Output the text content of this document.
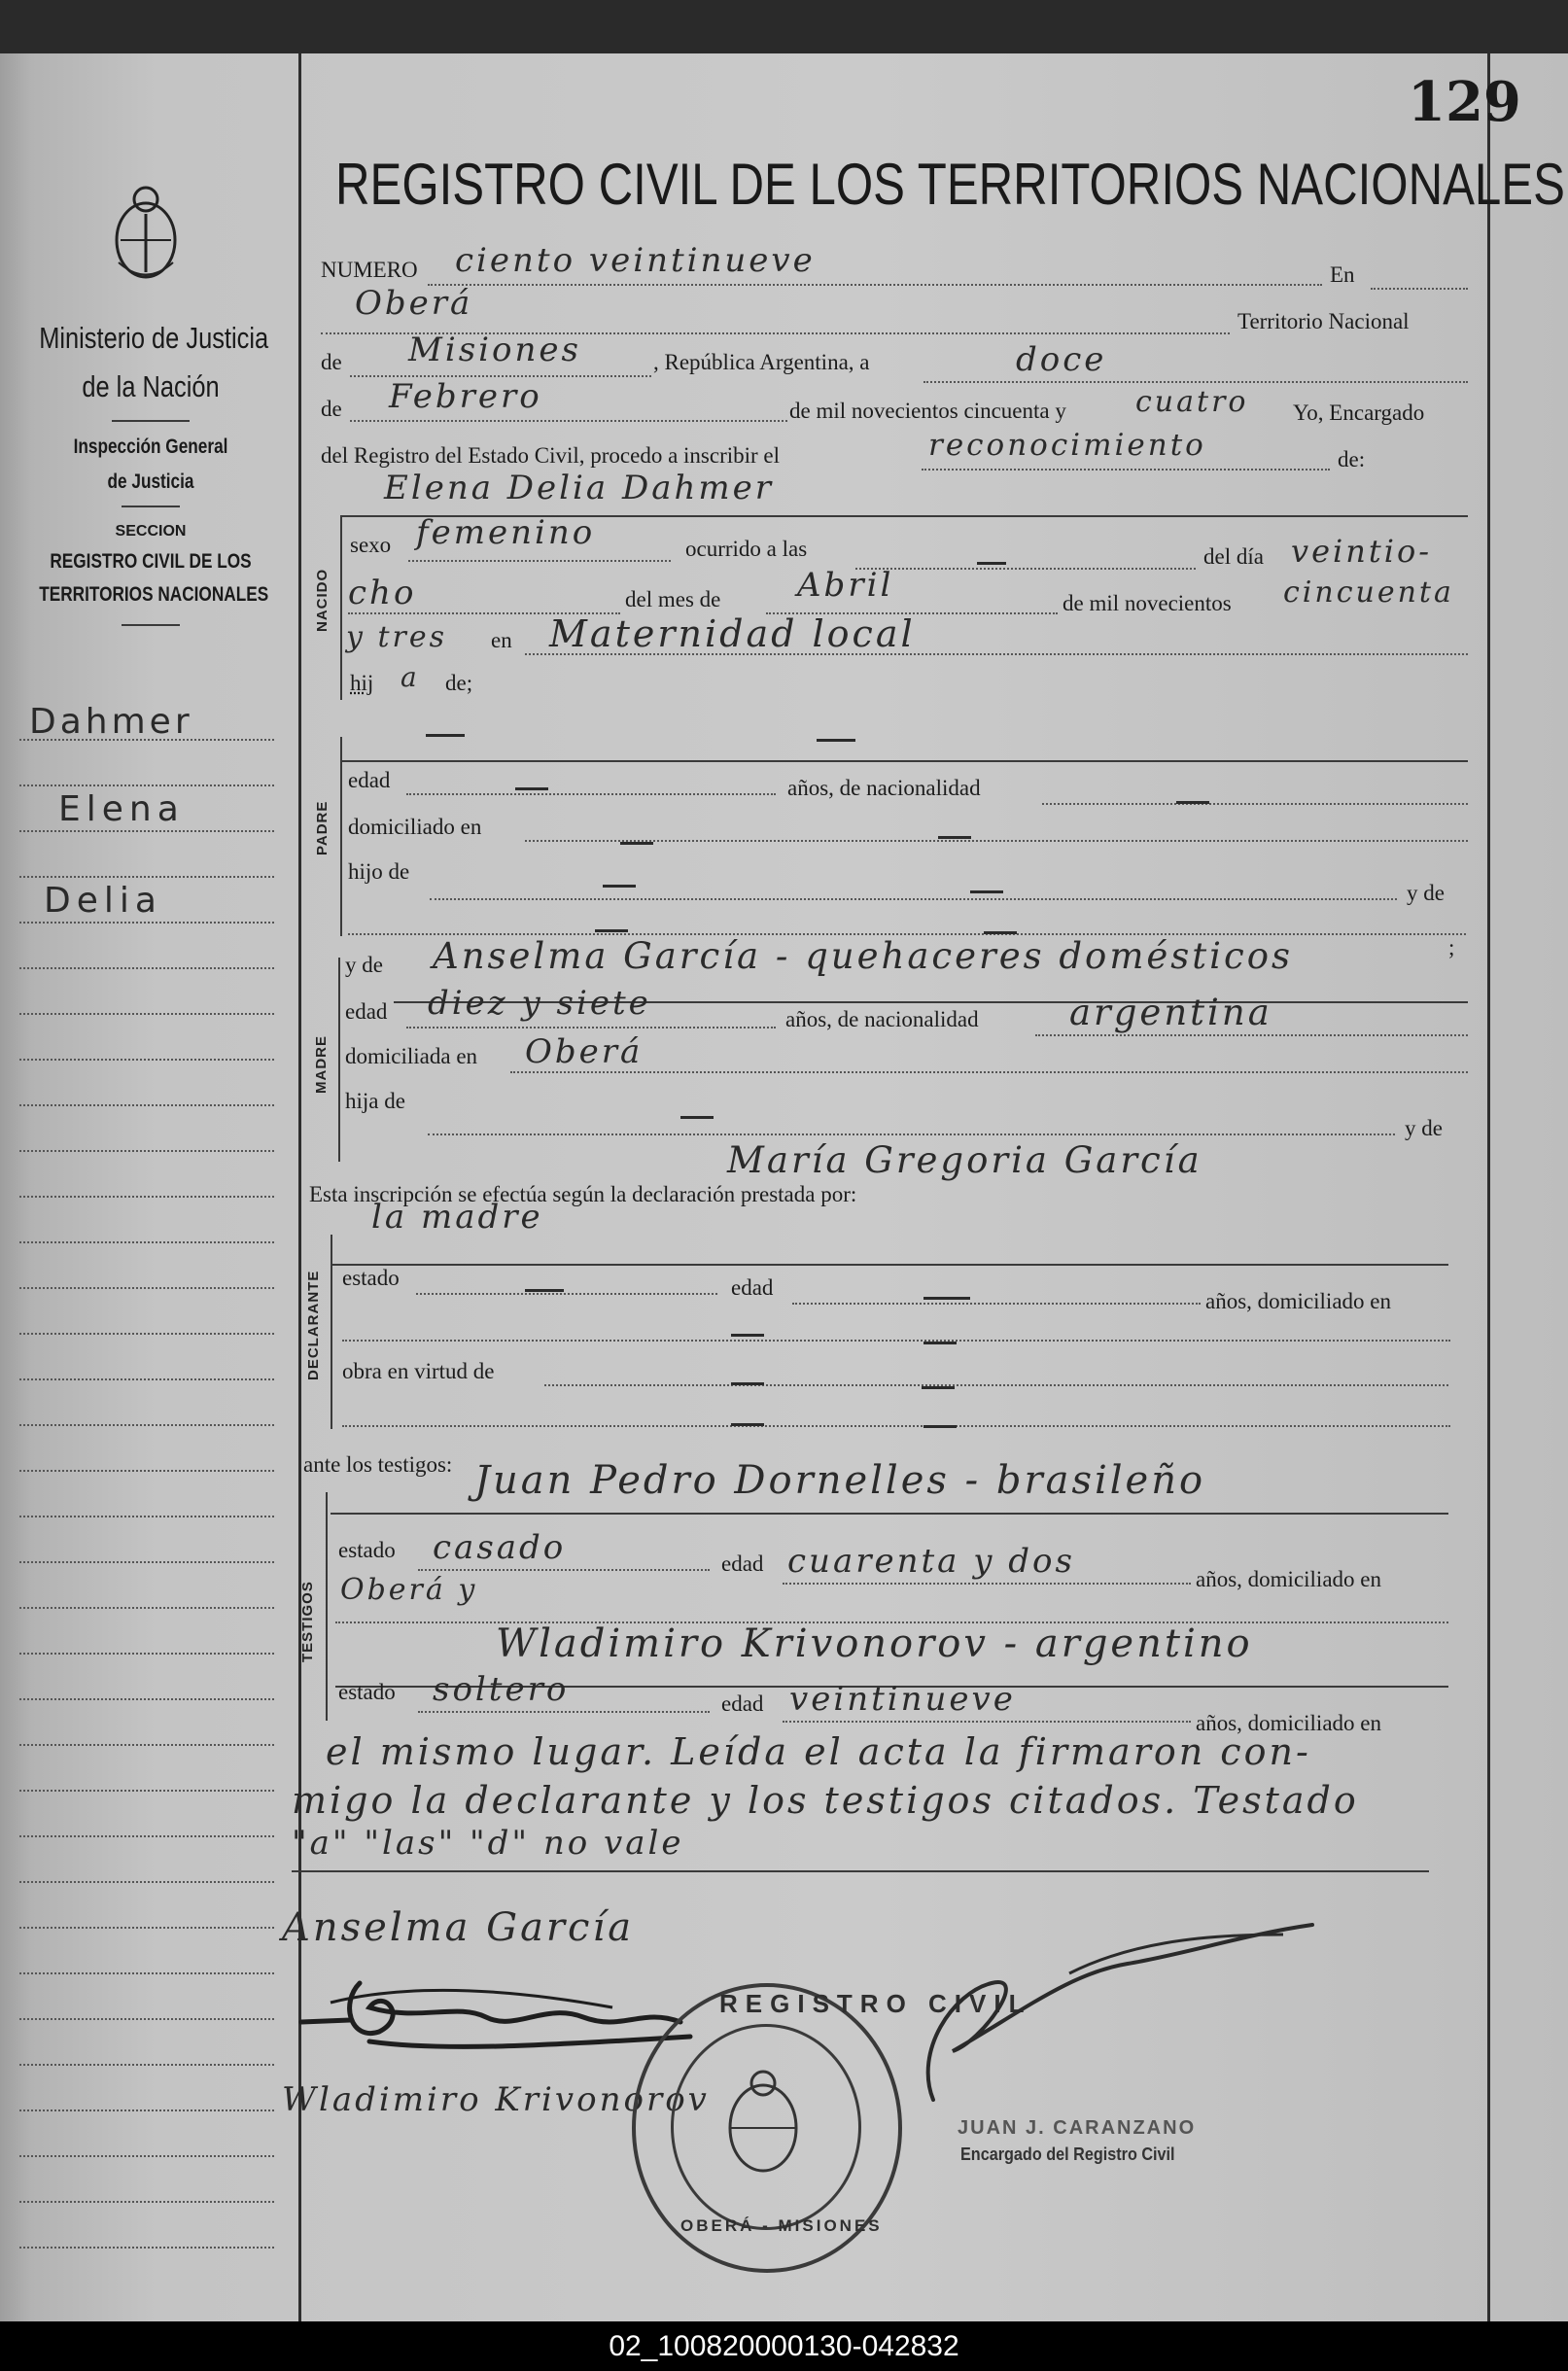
129
REGISTRO CIVIL DE LOS TERRITORIOS NACIONALES
Ministerio de Justicia
de la Nación
Inspección General
de Justicia
SECCION
REGISTRO CIVIL DE LOS
TERRITORIOS NACIONALES
Dahmer
Elena
Delia
NUMERO ciento veintinueve	En
Oberá	Territorio Nacional
de Misiones	, República Argentina, a	doce
de Febrero	de mil novecientos cincuenta y cuatro Yo, Encargado
del Registro del Estado Civil, procedo a inscribir el	reconocimiento	de:
Elena Delia Dahmer
NACIDO
sexo femenino	ocurrido a las	del día veintio-
cho	del mes de Abril	de mil novecientos cincuenta
y tres en Maternidad local
hij a de;
PADRE
edad	años, de nacionalidad
domiciliado en
hijo de
y de
;
MADRE
y de Anselma García - quehaceres domésticos
edad diez y siete	años, de nacionalidad	argentina
domiciliada en Oberá
hija de
y de
María Gregoria García
Esta inscripción se efectúa según la declaración prestada por:
la madre
DECLARANTE estado	edad
años, domiciliado en
obra en virtud de
ante los testigos:
TESTIGOS
Juan Pedro Dornelles - brasileño
estado casado	edad cuarenta y dos	años, domiciliado en
Oberá y
Wladimiro Krivonorov - argentino
estado soltero	edad veintinueve
años, domiciliado en
el mismo lugar. Leída el acta la firmaron con-
migo la declarante y los testigos citados. Testado
"a" "las" "d" no vale
Anselma García
Wladimiro Krivonorov
REGISTRO CIVIL
OBERÁ - MISIONES
JUAN J. CARANZANO
Encargado del Registro Civil
02_100820000130-042832
